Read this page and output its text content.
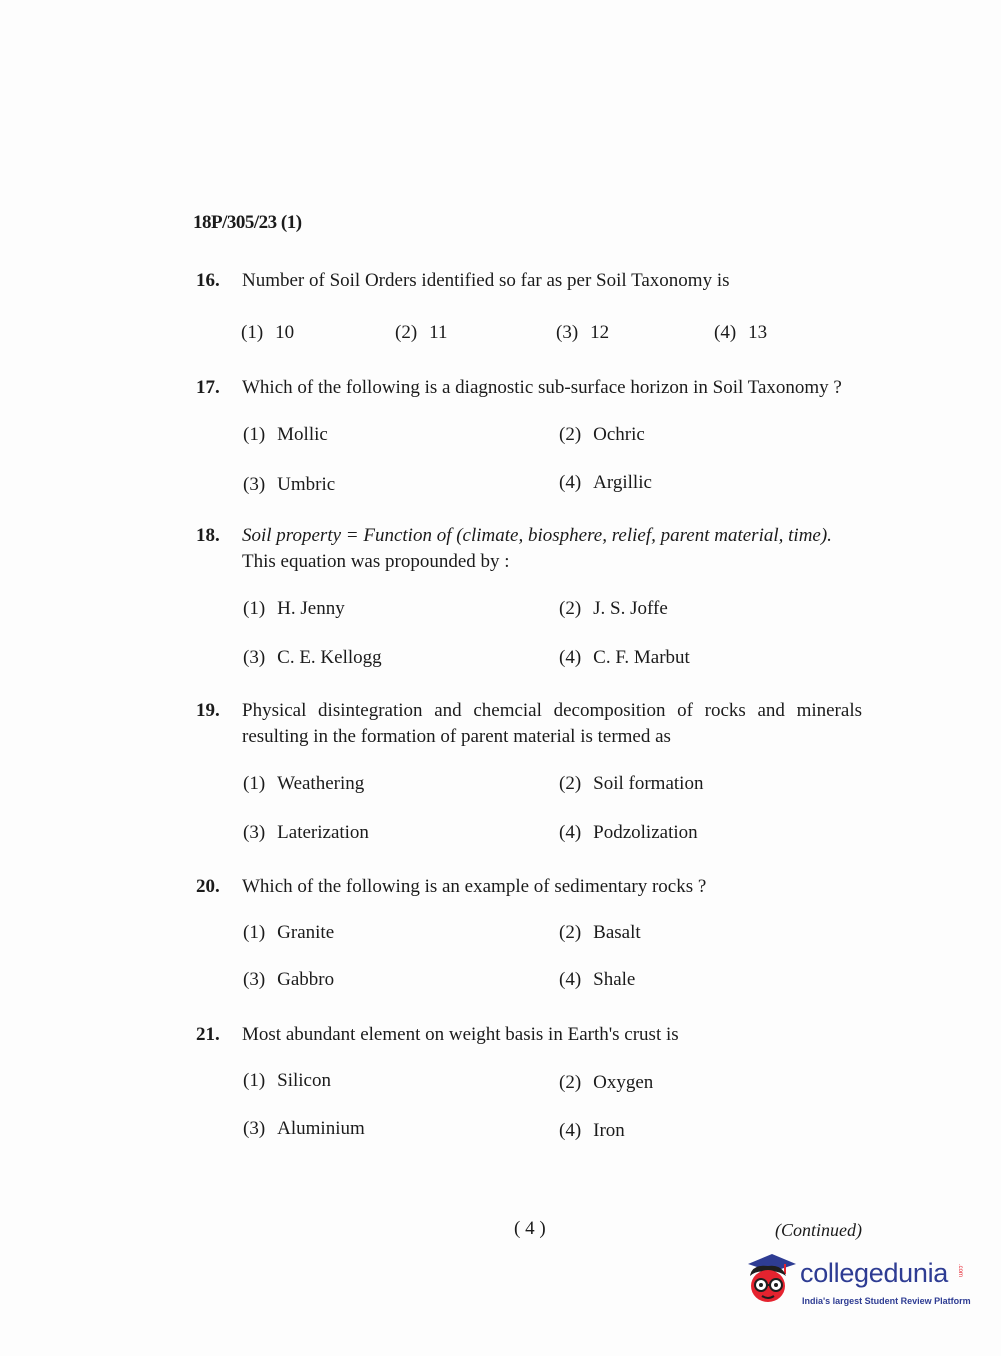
18P/305/23 (1)
16. Number of Soil Orders identified so far as per Soil Taxonomy is
(1) 10	(2) 11	(3) 12	(4) 13
17. Which of the following is a diagnostic sub-surface horizon in Soil Taxonomy ?
(1) Mollic	(2) Ochric
(3) Umbric	(4) Argillic
18. Soil property = Function of (climate, biosphere, relief, parent material, time).
This equation was propounded by :
(1) H. Jenny	(2) J. S. Joffe
(3) C. E. Kellogg	(4) C. F. Marbut
19. Physical disintegration and chemcial decomposition of rocks and minerals resulting in the formation of parent material is termed as
(1) Weathering	(2) Soil formation
(3) Laterization	(4) Podzolization
20. Which of the following is an example of sedimentary rocks ?
(1) Granite	(2) Basalt
(3) Gabbro	(4) Shale
21. Most abundant element on weight basis in Earth's crust is
(1) Silicon	(2) Oxygen
(3) Aluminium	(4) Iron
( 4 )	(Continued)
collegedunia .com
India's largest Student Review Platform
